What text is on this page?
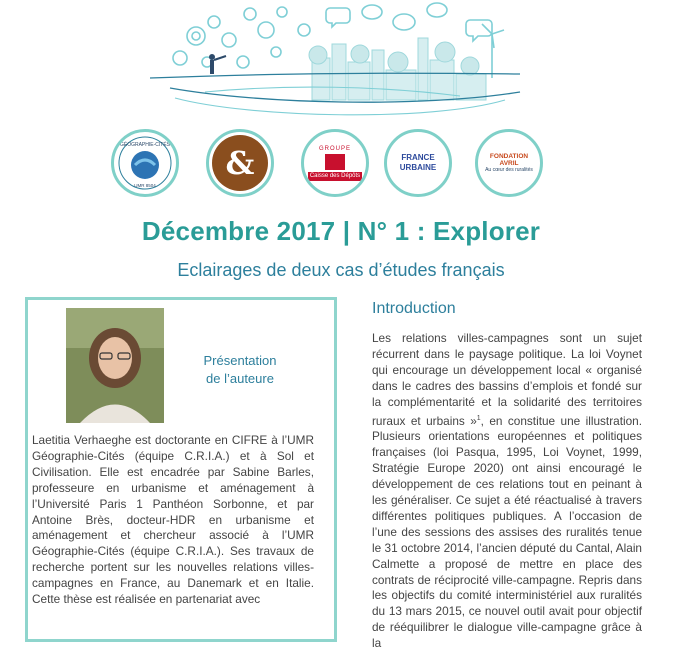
GÉOGRAPHIE-CITÉS
UMR 8504
&	GROUPE
Caisse des Dépôts
FRANCE URBAINE
FONDATION AVRIL
Au cœur des ruralités
Décembre 2017 | N° 1 : Explorer
Eclairages de deux cas d’études français
Présentation
de l’auteure
Laetitia Verhaeghe est doctorante en CIFRE à l’UMR Géographie-Cités (équipe C.R.I.A.) et à Sol et Civilisation. Elle est encadrée par Sabine Barles, professeure en urbanisme et aménagement à l’Université Paris 1 Panthéon Sorbonne, et par Antoine Brès, docteur-HDR en urbanisme et aménagement et chercheur associé à l’UMR Géographie-Cités (équipe C.R.I.A.). Ses travaux de recherche portent sur les nouvelles relations villes-campagnes en France, au Danemark et en Italie. Cette thèse est réalisée en partenariat avec
Introduction
Les relations villes-campagnes sont un sujet récurrent dans le paysage politique. La loi Voynet qui encourage un développement local « organisé dans le cadres des bassins d’emplois et fondé sur la complémentarité et la solidarité des territoires ruraux et urbains »$^1$, en constitue une illustration. Plusieurs orientations européennes et politiques françaises (loi Pasqua, 1995, Loi Voynet, 1999, Stratégie Europe 2020) ont ainsi encouragé le développement de ces relations tout en peinant à les généraliser. Ce sujet a été réactualisé à travers différentes politiques publiques. A l’occasion de l’une des sessions des assises des ruralités tenue le 31 octobre 2014, l’ancien député du Cantal, Alain Calmette a proposé de mettre en place des contrats de réciprocité ville-campagne. Repris dans les objectifs du comité interministériel aux ruralités du 13 mars 2015, ce nouvel outil avait pour objectif de rééquilibrer le dialogue ville-campagne grâce à la
